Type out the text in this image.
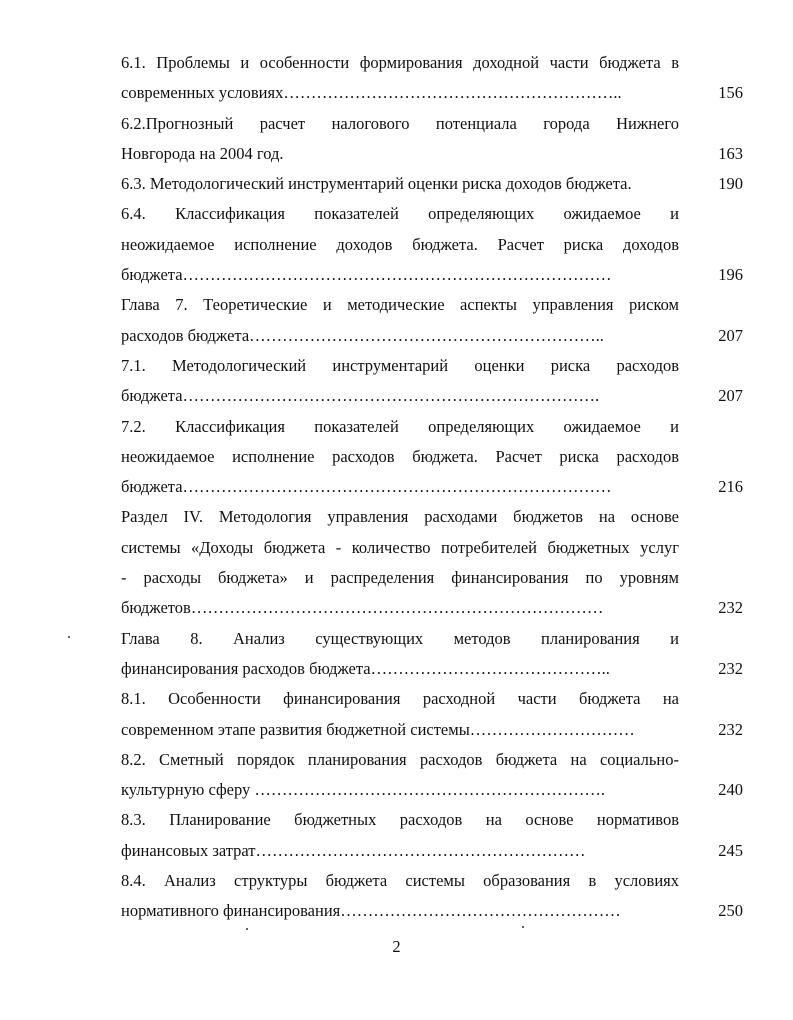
6.1. Проблемы и особенности формирования доходной части бюджета в
современных условиях……………………………………………………..	156
6.2.Прогнозный расчет налогового потенциала города Нижнего
Новгорода на 2004 год.	163
6.3. Методологический инструментарий оценки риска доходов бюджета.	190
6.4. Классификация показателей определяющих ожидаемое и
неожидаемое исполнение доходов бюджета. Расчет риска доходов
бюджета……………………………………………………………………	196
Глава 7. Теоретические и методические аспекты управления риском
расходов бюджета………………………………………………………..	207
7.1. Методологический инструментарий оценки риска расходов
бюджета………………………………………………………………….	207
7.2. Классификация показателей определяющих ожидаемое и
неожидаемое исполнение расходов бюджета. Расчет риска расходов
бюджета……………………………………………………………………	216
Раздел IV. Методология управления расходами бюджетов на основе
системы «Доходы бюджета - количество потребителей бюджетных услуг
- расходы бюджета» и распределения финансирования по уровням
бюджетов…………………………………………………………………	232
Глава 8. Анализ существующих методов планирования и
финансирования расходов бюджета……………………………………..	232
8.1. Особенности финансирования расходной части бюджета на
современном этапе развития бюджетной системы…………………………	232
8.2. Сметный порядок планирования расходов бюджета на социально-
культурную сферу ……………………………………………………….	240
8.3. Планирование бюджетных расходов на основе нормативов
финансовых затрат……………………………………………………	245
8.4. Анализ структуры бюджета системы образования в условиях
нормативного финансирования……………………………………………	250
2
